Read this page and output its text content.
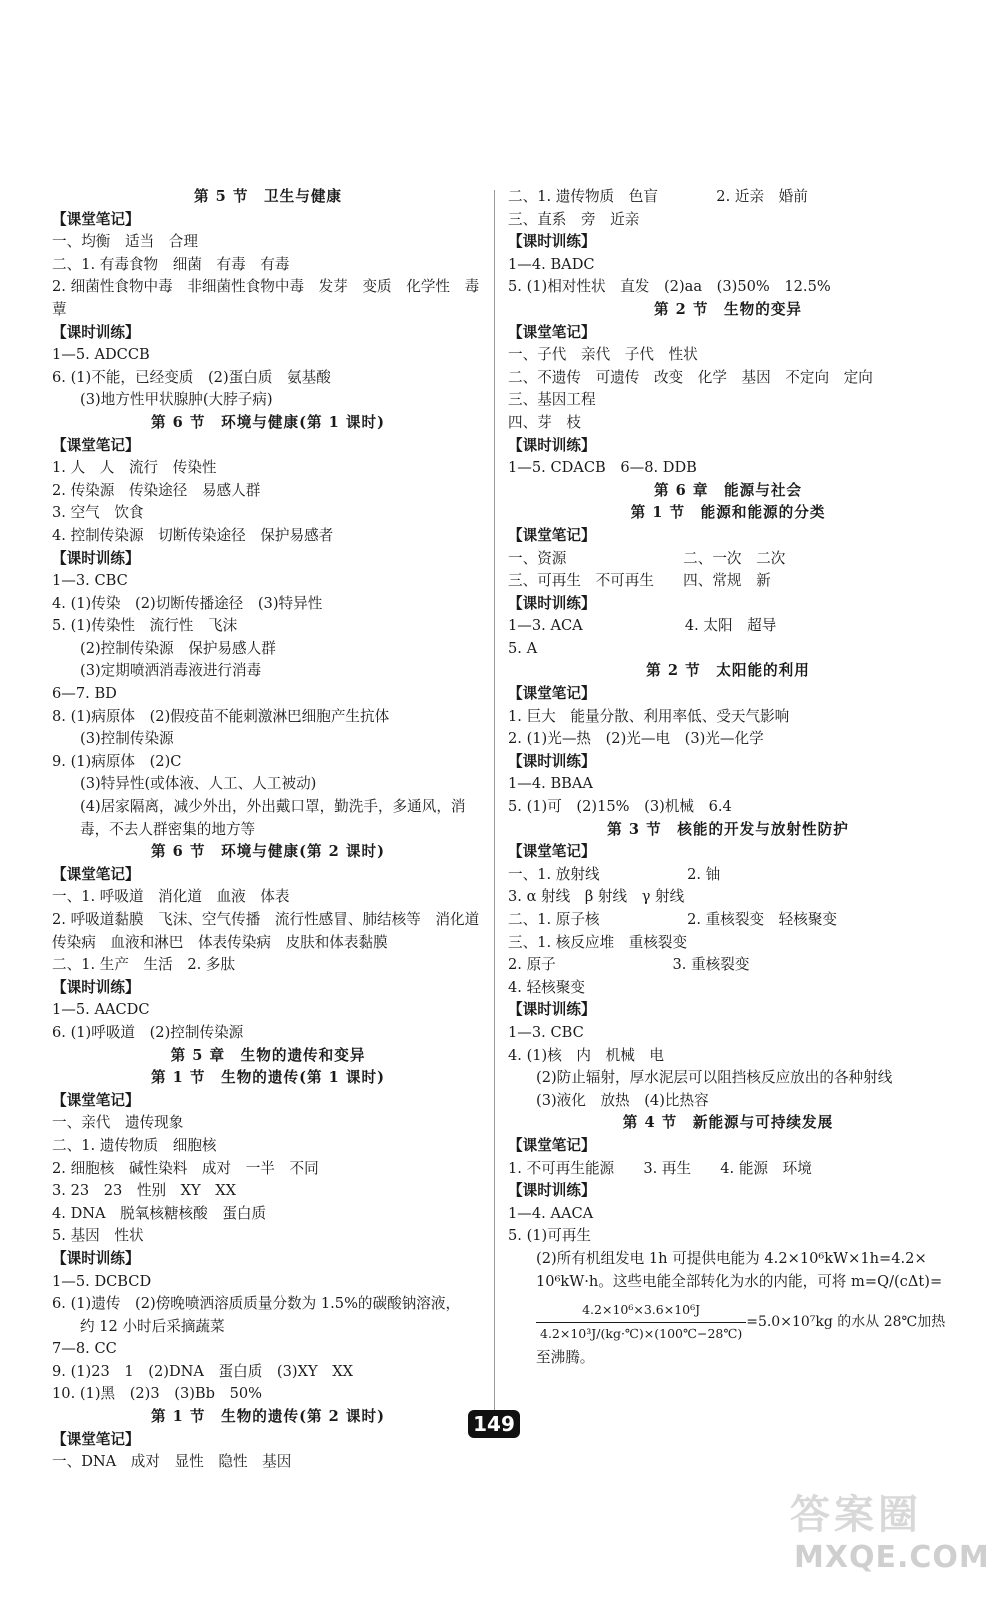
第 5 节　卫生与健康
【课堂笔记】
一、均衡　适当　合理
二、1. 有毒食物　细菌　有毒　有毒
2. 细菌性食物中毒　非细菌性食物中毒　发芽　变质　化学性　毒蕈
【课时训练】
1—5. ADCCB
6. (1)不能，已经变质　(2)蛋白质　氨基酸
(3)地方性甲状腺肿(大脖子病)
第 6 节　环境与健康(第 1 课时)
【课堂笔记】
1. 人　人　流行　传染性
2. 传染源　传染途径　易感人群
3. 空气　饮食
4. 控制传染源　切断传染途径　保护易感者
【课时训练】
1—3. CBC
4. (1)传染　(2)切断传播途径　(3)特异性
5. (1)传染性　流行性　飞沫
(2)控制传染源　保护易感人群
(3)定期喷洒消毒液进行消毒
6—7. BD
8. (1)病原体　(2)假疫苗不能刺激淋巴细胞产生抗体
(3)控制传染源
9. (1)病原体　(2)C
(3)特异性(或体液、人工、人工被动)
(4)居家隔离，减少外出，外出戴口罩，勤洗手，多通风，消毒，不去人群密集的地方等
第 6 节　环境与健康(第 2 课时)
【课堂笔记】
一、1. 呼吸道　消化道　血液　体表
2. 呼吸道黏膜　飞沫、空气传播　流行性感冒、肺结核等　消化道传染病　血液和淋巴　体表传染病　皮肤和体表黏膜
二、1. 生产　生活　2. 多肽
【课时训练】
1—5. AACDC
6. (1)呼吸道　(2)控制传染源
第 5 章　生物的遗传和变异
第 1 节　生物的遗传(第 1 课时)
【课堂笔记】
一、亲代　遗传现象
二、1. 遗传物质　细胞核
2. 细胞核　碱性染料　成对　一半　不同
3. 23　23　性别　XY　XX
4. DNA　脱氧核糖核酸　蛋白质
5. 基因　性状
【课时训练】
1—5. DCBCD
6. (1)遗传　(2)傍晚喷洒溶质质量分数为 1.5%的碳酸钠溶液，
约 12 小时后采摘蔬菜
7—8. CC
9. (1)23　1　(2)DNA　蛋白质　(3)XY　XX
10. (1)黑　(2)3　(3)Bb　50%
第 1 节　生物的遗传(第 2 课时)
【课堂笔记】
一、DNA　成对　显性　隐性　基因
二、1. 遗传物质　色盲　　　　2. 近亲　婚前
三、直系　旁　近亲
【课时训练】
1—4. BADC
5. (1)相对性状　直发　(2)aa　(3)50%　12.5%
第 2 节　生物的变异
【课堂笔记】
一、子代　亲代　子代　性状
二、不遗传　可遗传　改变　化学　基因　不定向　定向
三、基因工程
四、芽　枝
【课时训练】
1—5. CDACB　6—8. DDB
第 6 章　能源与社会
第 1 节　能源和能源的分类
【课堂笔记】
一、资源　　　　　　　　二、一次　二次
三、可再生　不可再生　　四、常规　新
【课时训练】
1—3. ACA　　　　　　　4. 太阳　超导
5. A
第 2 节　太阳能的利用
【课堂笔记】
1. 巨大　能量分散、利用率低、受天气影响
2. (1)光—热　(2)光—电　(3)光—化学
【课时训练】
1—4. BBAA
5. (1)可　(2)15%　(3)机械　6.4
第 3 节　核能的开发与放射性防护
【课堂笔记】
一、1. 放射线　　　　　　2. 铀
3. α 射线　β 射线　γ 射线
二、1. 原子核　　　　　　2. 重核裂变　轻核聚变
三、1. 核反应堆　重核裂变
2. 原子　　　　　　　　3. 重核裂变
4. 轻核聚变
【课时训练】
1—3. CBC
4. (1)核　内　机械　电
(2)防止辐射，厚水泥层可以阻挡核反应放出的各种射线
(3)液化　放热　(4)比热容
第 4 节　新能源与可持续发展
【课堂笔记】
1. 不可再生能源　　3. 再生　　4. 能源　环境
【课时训练】
1—4. AACA
5. (1)可再生
(2)所有机组发电 1h 可提供电能为 4.2×10⁶kW×1h=4.2×
10⁶kW·h。这些电能全部转化为水的内能，可将 m=Q/(cΔt)=
$\frac{\text{4.2×10⁶×3.6×10⁶J}}{\text{4.2×10³J/(kg·℃)×(100℃−28℃)}} =5.0\times 10^7kg$ 的水从 28℃加热
至沸腾。
149
答案圈
MXQE.COM
